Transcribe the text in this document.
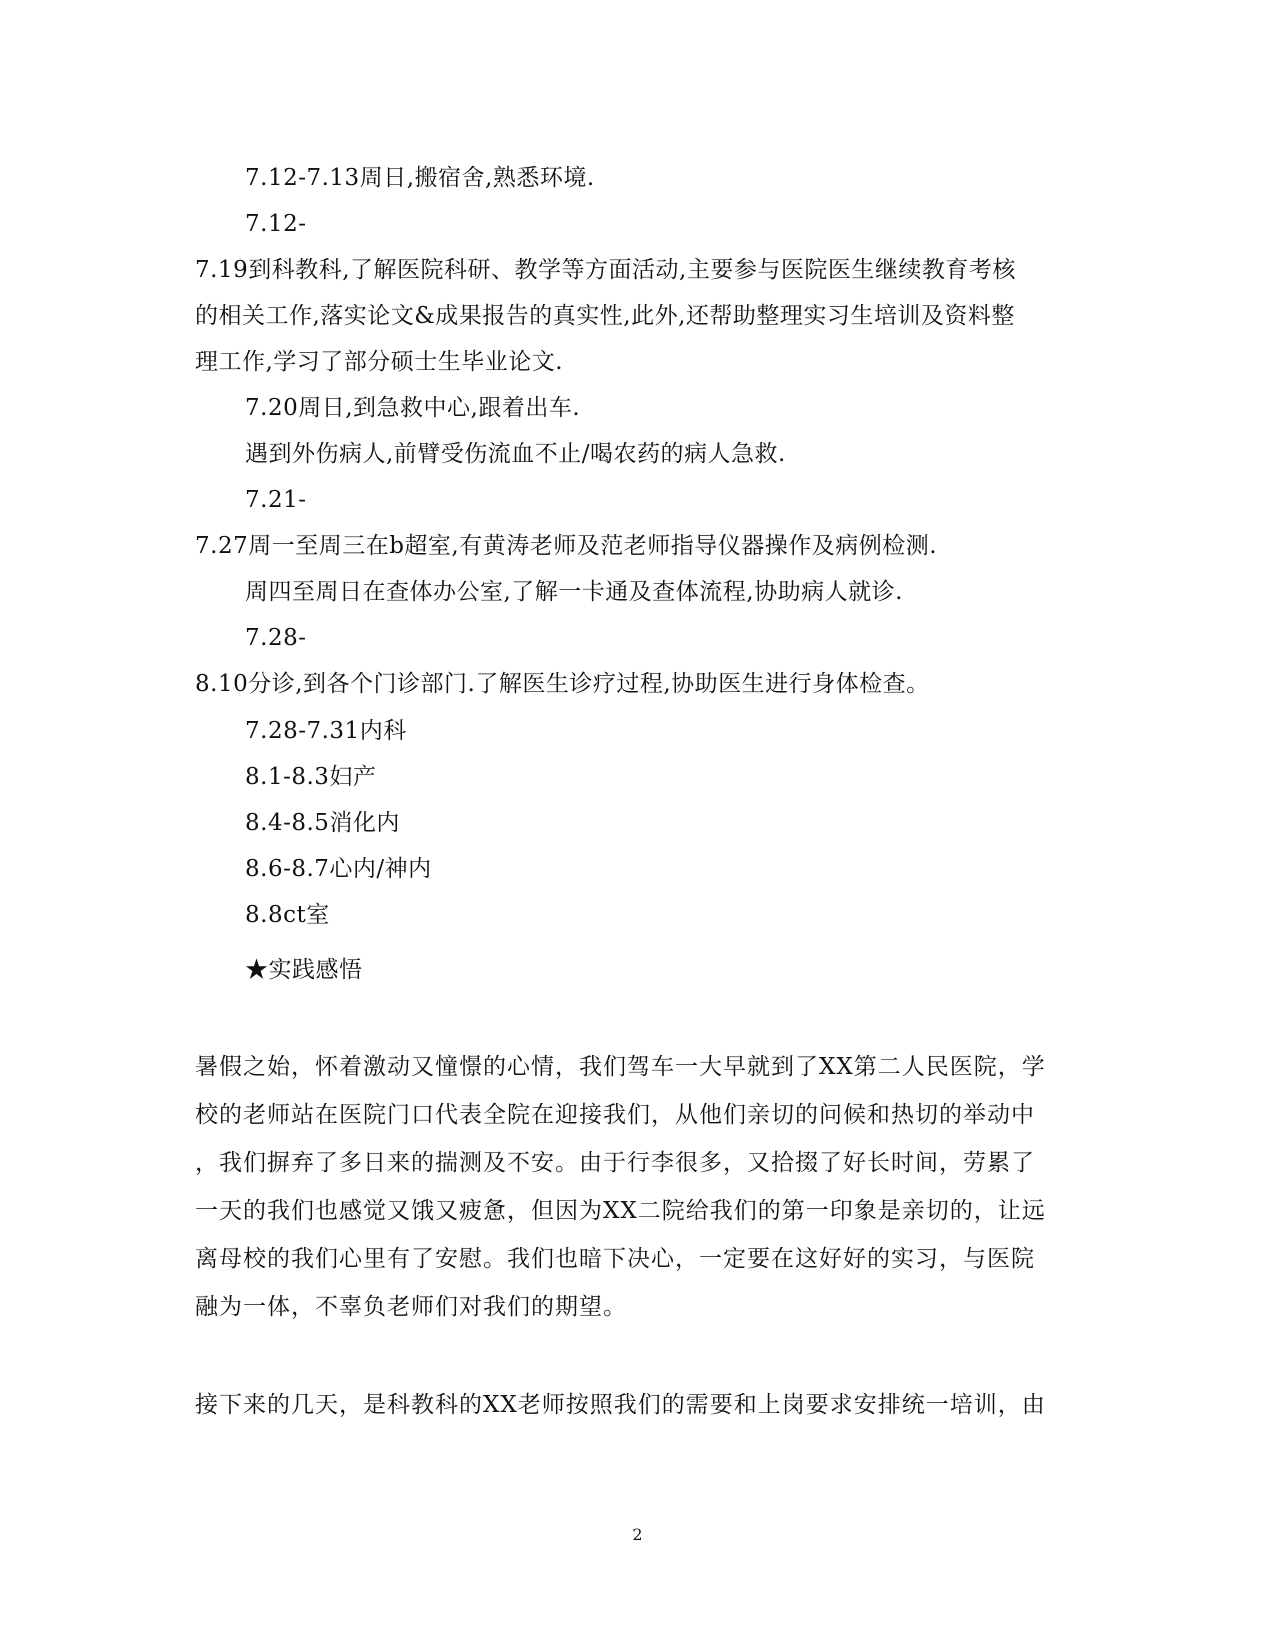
7.12-7.13周日,搬宿舍,熟悉环境.
7.12-
7.19到科教科,了解医院科研、教学等方面活动,主要参与医院医生继续教育考核
的相关工作,落实论文&成果报告的真实性,此外,还帮助整理实习生培训及资料整
理工作,学习了部分硕士生毕业论文.
7.20周日,到急救中心,跟着出车.
遇到外伤病人,前臂受伤流血不止/喝农药的病人急救.
7.21-
7.27周一至周三在b超室,有黄涛老师及范老师指导仪器操作及病例检测.
周四至周日在查体办公室,了解一卡通及查体流程,协助病人就诊.
7.28-
8.10分诊,到各个门诊部门.了解医生诊疗过程,协助医生进行身体检查。
7.28-7.31内科
8.1-8.3妇产
8.4-8.5消化内
8.6-8.7心内/神内
8.8ct室
★实践感悟
暑假之始，怀着激动又憧憬的心情，我们驾车一大早就到了XX第二人民医院，学
校的老师站在医院门口代表全院在迎接我们，从他们亲切的问候和热切的举动中
，我们摒弃了多日来的揣测及不安。由于行李很多，又拾掇了好长时间，劳累了
一天的我们也感觉又饿又疲惫，但因为XX二院给我们的第一印象是亲切的，让远
离母校的我们心里有了安慰。我们也暗下决心，一定要在这好好的实习，与医院
融为一体，不辜负老师们对我们的期望。
接下来的几天，是科教科的XX老师按照我们的需要和上岗要求安排统一培训，由
2
